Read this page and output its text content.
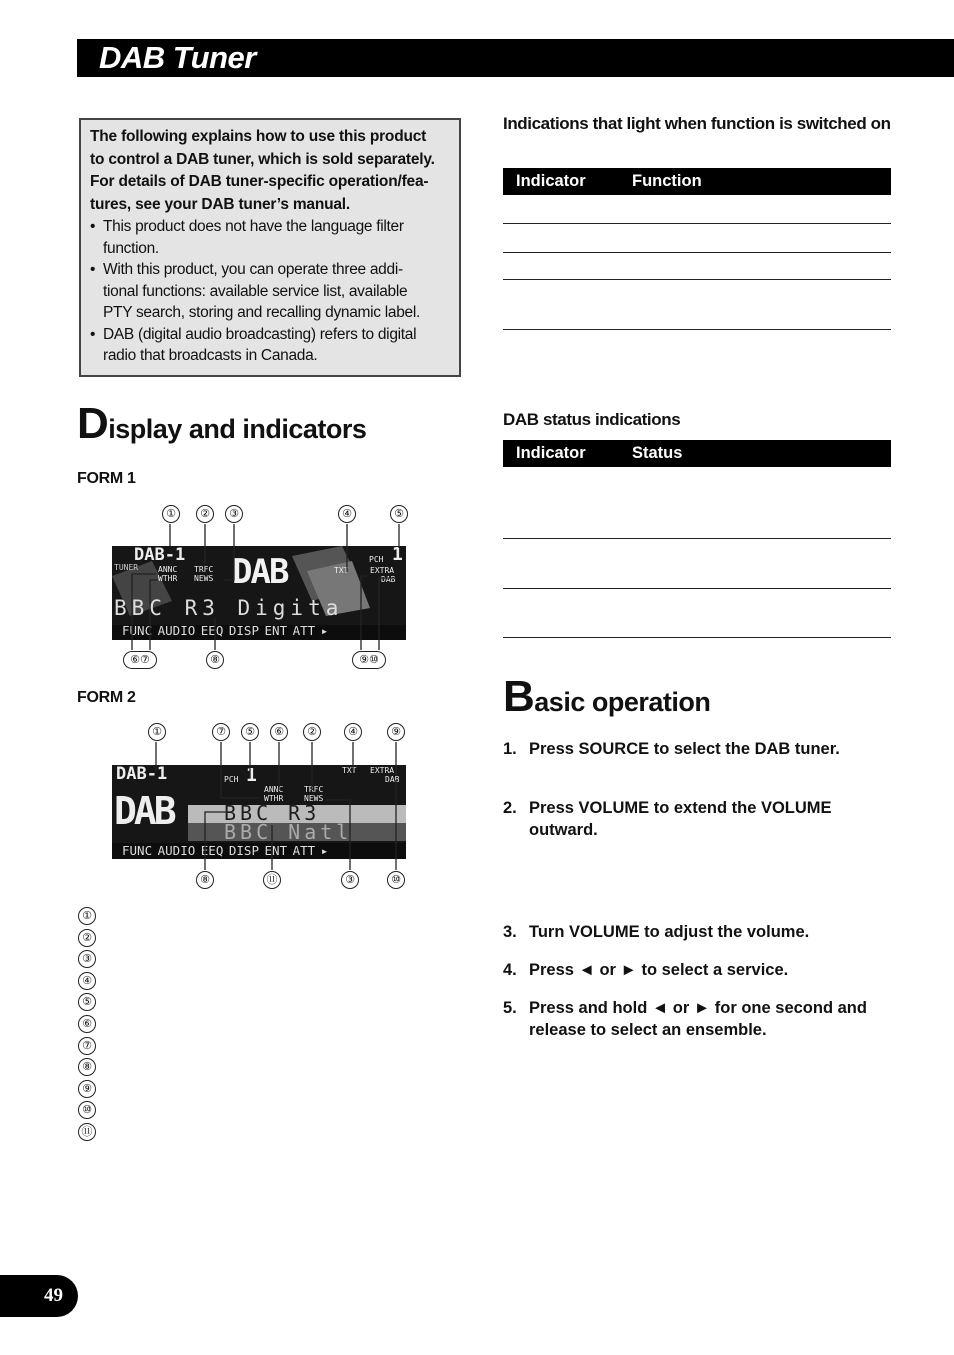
DAB Tuner
The following explains how to use this product
to control a DAB tuner, which is sold separately.
For details of DAB tuner-specific operation/fea-
tures, see your DAB tuner’s manual.
• This product does not have the language filter
function.
• With this product, you can operate three addi-
tional functions: available service list, available
PTY search, storing and recalling dynamic label.
• DAB (digital audio broadcasting) refers to digital
radio that broadcasts in Canada.
Display and indicators
FORM 1
①	②	③	④	⑤
DAB-1
TUNER ANNC TRFC
WTHR NEWS DAB	TXT	EXTRA
DAB
PCH 1
BBC R3 Digita
FUNC AUDIO EEQ DISP ENT ATT ▸
⑥⑦	⑧	⑨⑩
FORM 2
①	⑦	⑤	⑥	②	④	⑨
DAB-1	PCH 1
ANNC	TRFC
WTHR	NEWS
TXT EXTRA
DAB
DAB	BBC R3
BBC Natl
FUNC AUDIO EEQ DISP ENT ATT ▸
⑧	⑪	③	⑩
①
②
③
④
⑤
⑥
⑦
⑧
⑨
⑩
⑪
Indications that light when function is switched on
Indicator	Function
DAB status indications
Indicator	Status
Basic operation
1. Press SOURCE to select the DAB tuner.
2. Press VOLUME to extend the VOLUME outward.
3. Turn VOLUME to adjust the volume.
4. Press ◄ or ► to select a service.
5. Press and hold ◄ or ► for one second and release to select an ensemble.
49
